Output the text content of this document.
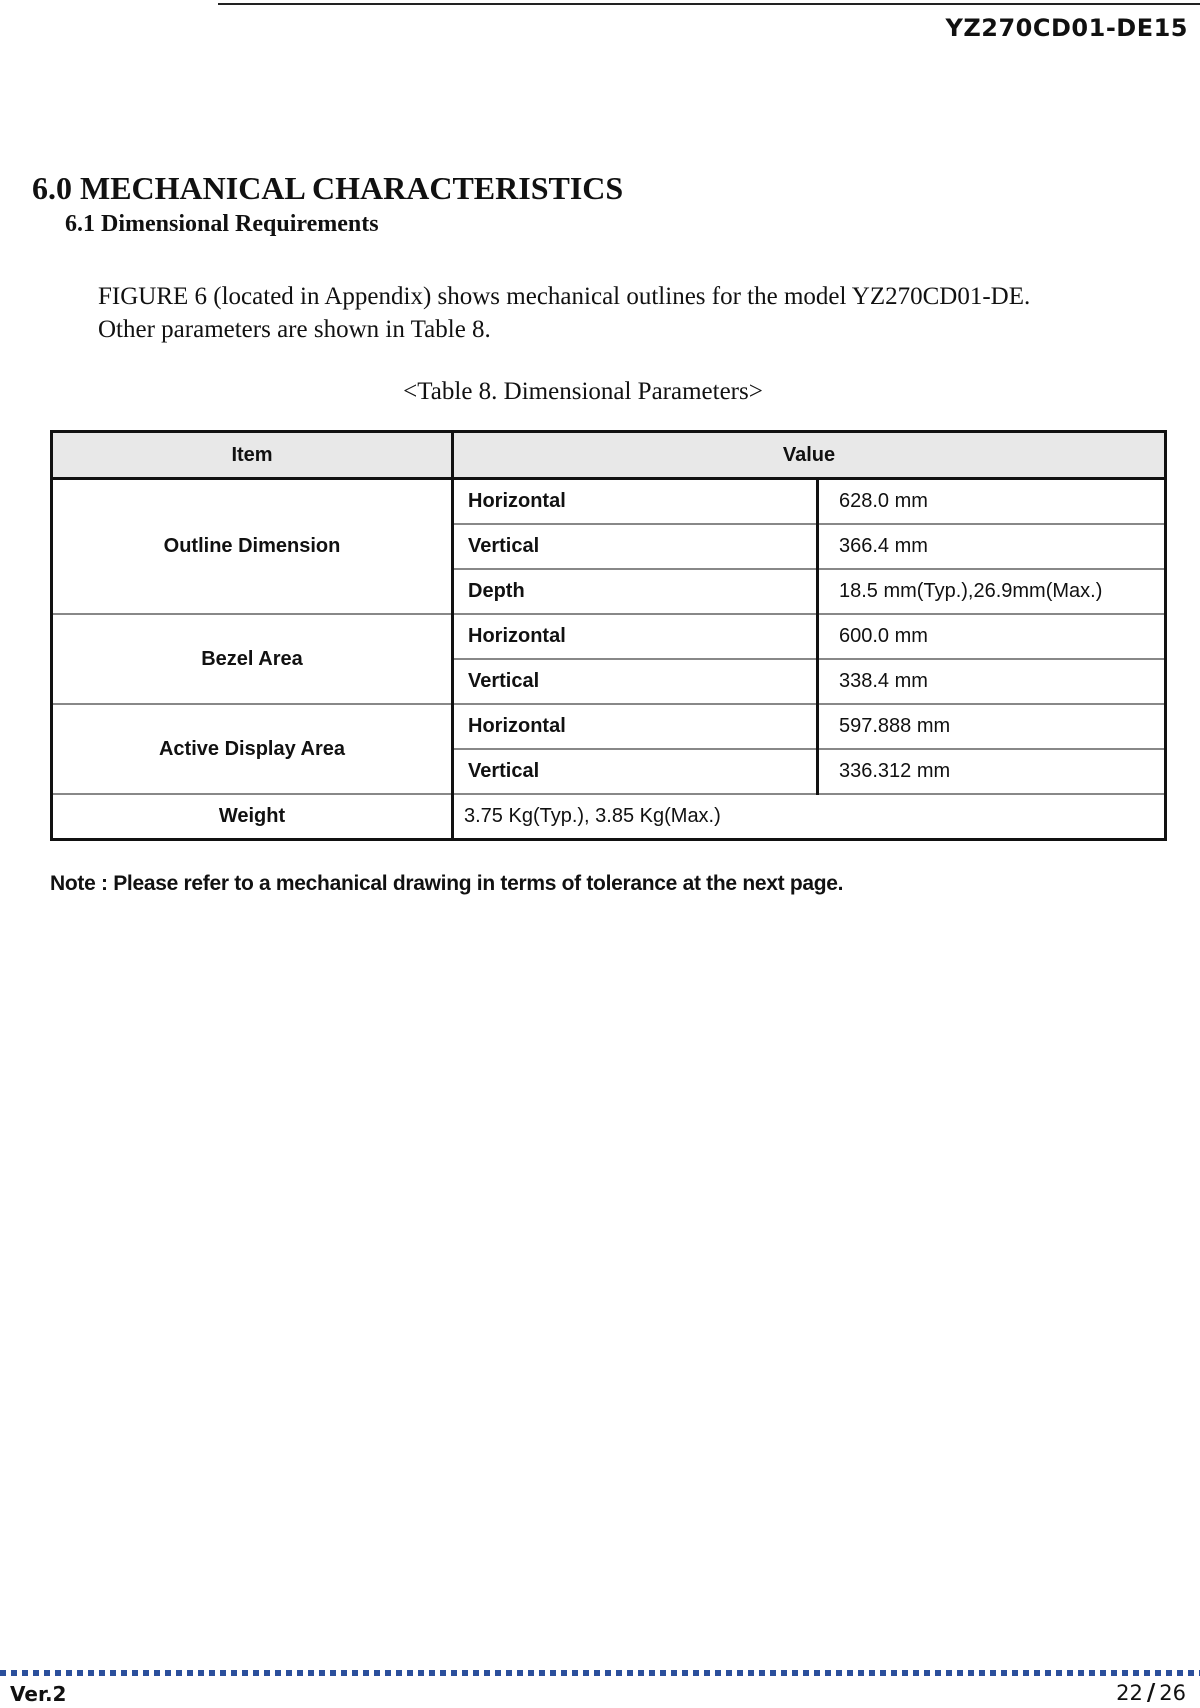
YZ270CD01-DE15
6.0 MECHANICAL CHARACTERISTICS
6.1 Dimensional Requirements

FIGURE 6 (located in Appendix) shows mechanical outlines for the model YZ270CD01-DE.
Other parameters are shown in Table 8.

<Table 8. Dimensional Parameters>
Item	Value	
Outline Dimension	Horizontal	628.0 mm
	Vertical	366.4 mm
	Depth	18.5 mm(Typ.),26.9mm(Max.)
Bezel Area	Horizontal	600.0 mm
	Vertical	338.4 mm
Active Display Area	Horizontal	597.888 mm
	Vertical	336.312 mm
Weight	3.75 Kg(Typ.), 3.85 Kg(Max.)	
Note : Please refer to a mechanical drawing in terms of tolerance at the next page.
Ver.2	22 / 26
